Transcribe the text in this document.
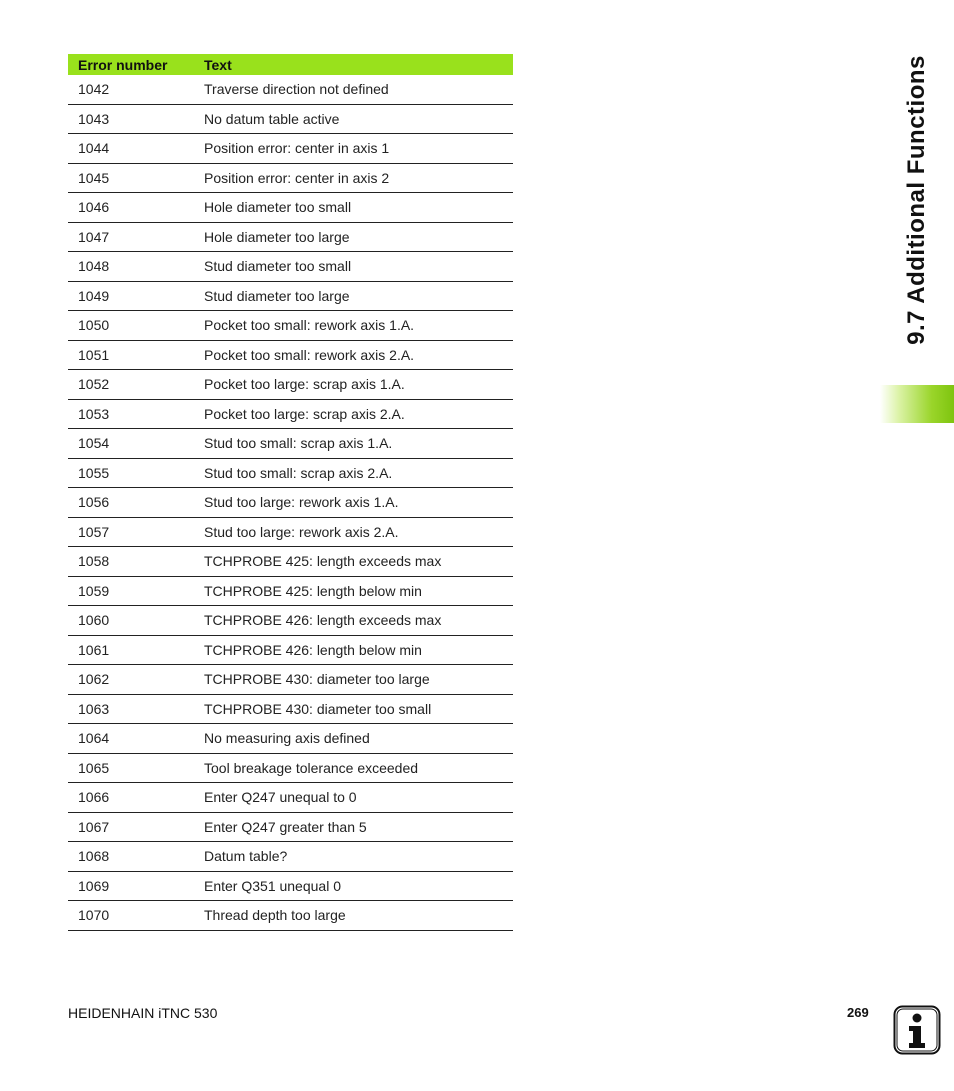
Error number	Text
1042	Traverse direction not defined
1043	No datum table active
1044	Position error: center in axis 1
1045	Position error: center in axis 2
1046	Hole diameter too small
1047	Hole diameter too large
1048	Stud diameter too small
1049	Stud diameter too large
1050	Pocket too small: rework axis 1.A.
1051	Pocket too small: rework axis 2.A.
1052	Pocket too large: scrap axis 1.A.
1053	Pocket too large: scrap axis 2.A.
1054	Stud too small: scrap axis 1.A.
1055	Stud too small: scrap axis 2.A.
1056	Stud too large: rework axis 1.A.
1057	Stud too large: rework axis 2.A.
1058	TCHPROBE 425: length exceeds max
1059	TCHPROBE 425: length below min
1060	TCHPROBE 426: length exceeds max
1061	TCHPROBE 426: length below min
1062	TCHPROBE 430: diameter too large
1063	TCHPROBE 430: diameter too small
1064	No measuring axis defined
1065	Tool breakage tolerance exceeded
1066	Enter Q247 unequal to 0
1067	Enter Q247 greater than 5
1068	Datum table?
1069	Enter Q351 unequal 0
1070	Thread depth too large
9.7 Additional Functions
HEIDENHAIN iTNC 530	269
